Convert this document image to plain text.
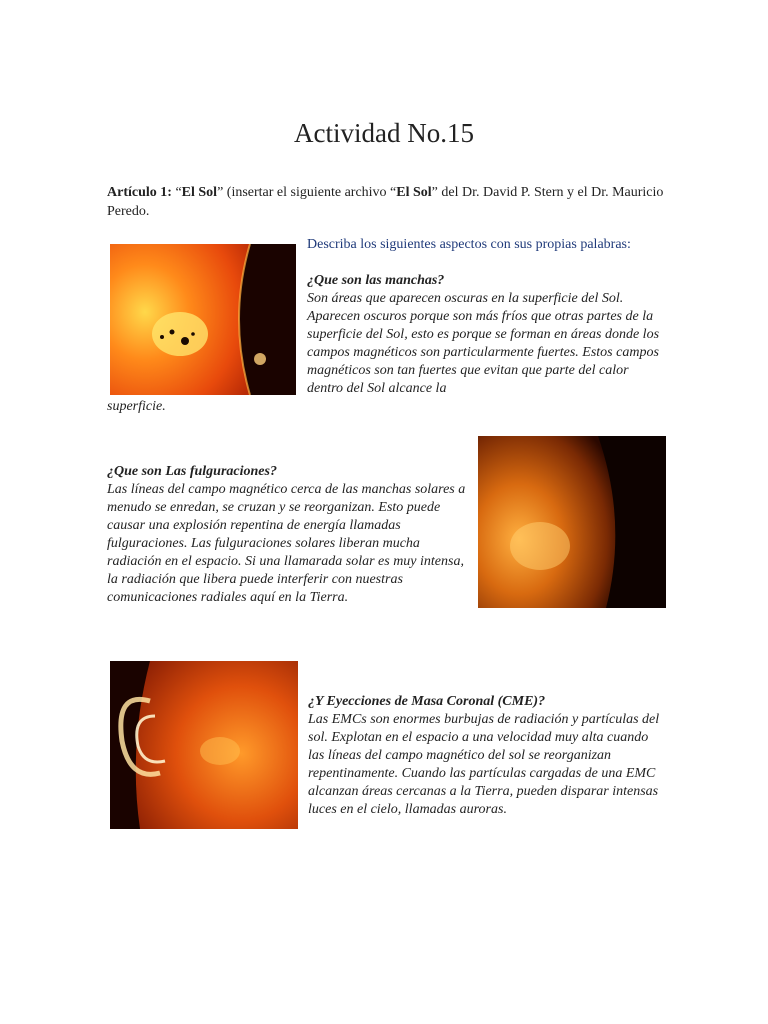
Actividad No.15
Artículo 1: “El Sol” (insertar el siguiente archivo “El Sol” del Dr. David P. Stern y el Dr. Mauricio Peredo.
Describa los siguientes aspectos con sus propias palabras:
¿Que son las manchas?
Son áreas que aparecen oscuras en la superficie del Sol. Aparecen oscuros porque son más fríos que otras partes de la superficie del Sol, esto es porque se forman en áreas donde los campos magnéticos son particularmente fuertes. Estos campos magnéticos son tan fuertes que evitan que parte del calor dentro del Sol alcance la
superficie.
¿Que son Las fulguraciones?
Las líneas del campo magnético cerca de las manchas solares a menudo se enredan, se cruzan y se reorganizan. Esto puede causar una explosión repentina de energía llamadas fulguraciones. Las fulguraciones solares liberan mucha radiación en el espacio. Si una llamarada solar es muy intensa, la radiación que libera puede interferir con nuestras comunicaciones radiales aquí en la Tierra.
¿Y Eyecciones de Masa Coronal (CME)?
Las EMCs son enormes burbujas de radiación y partículas del sol. Explotan en el espacio a una velocidad muy alta cuando las líneas del campo magnético del sol se reorganizan repentinamente. Cuando las partículas cargadas de una EMC alcanzan áreas cercanas a la Tierra, pueden disparar intensas luces en el cielo, llamadas auroras.
